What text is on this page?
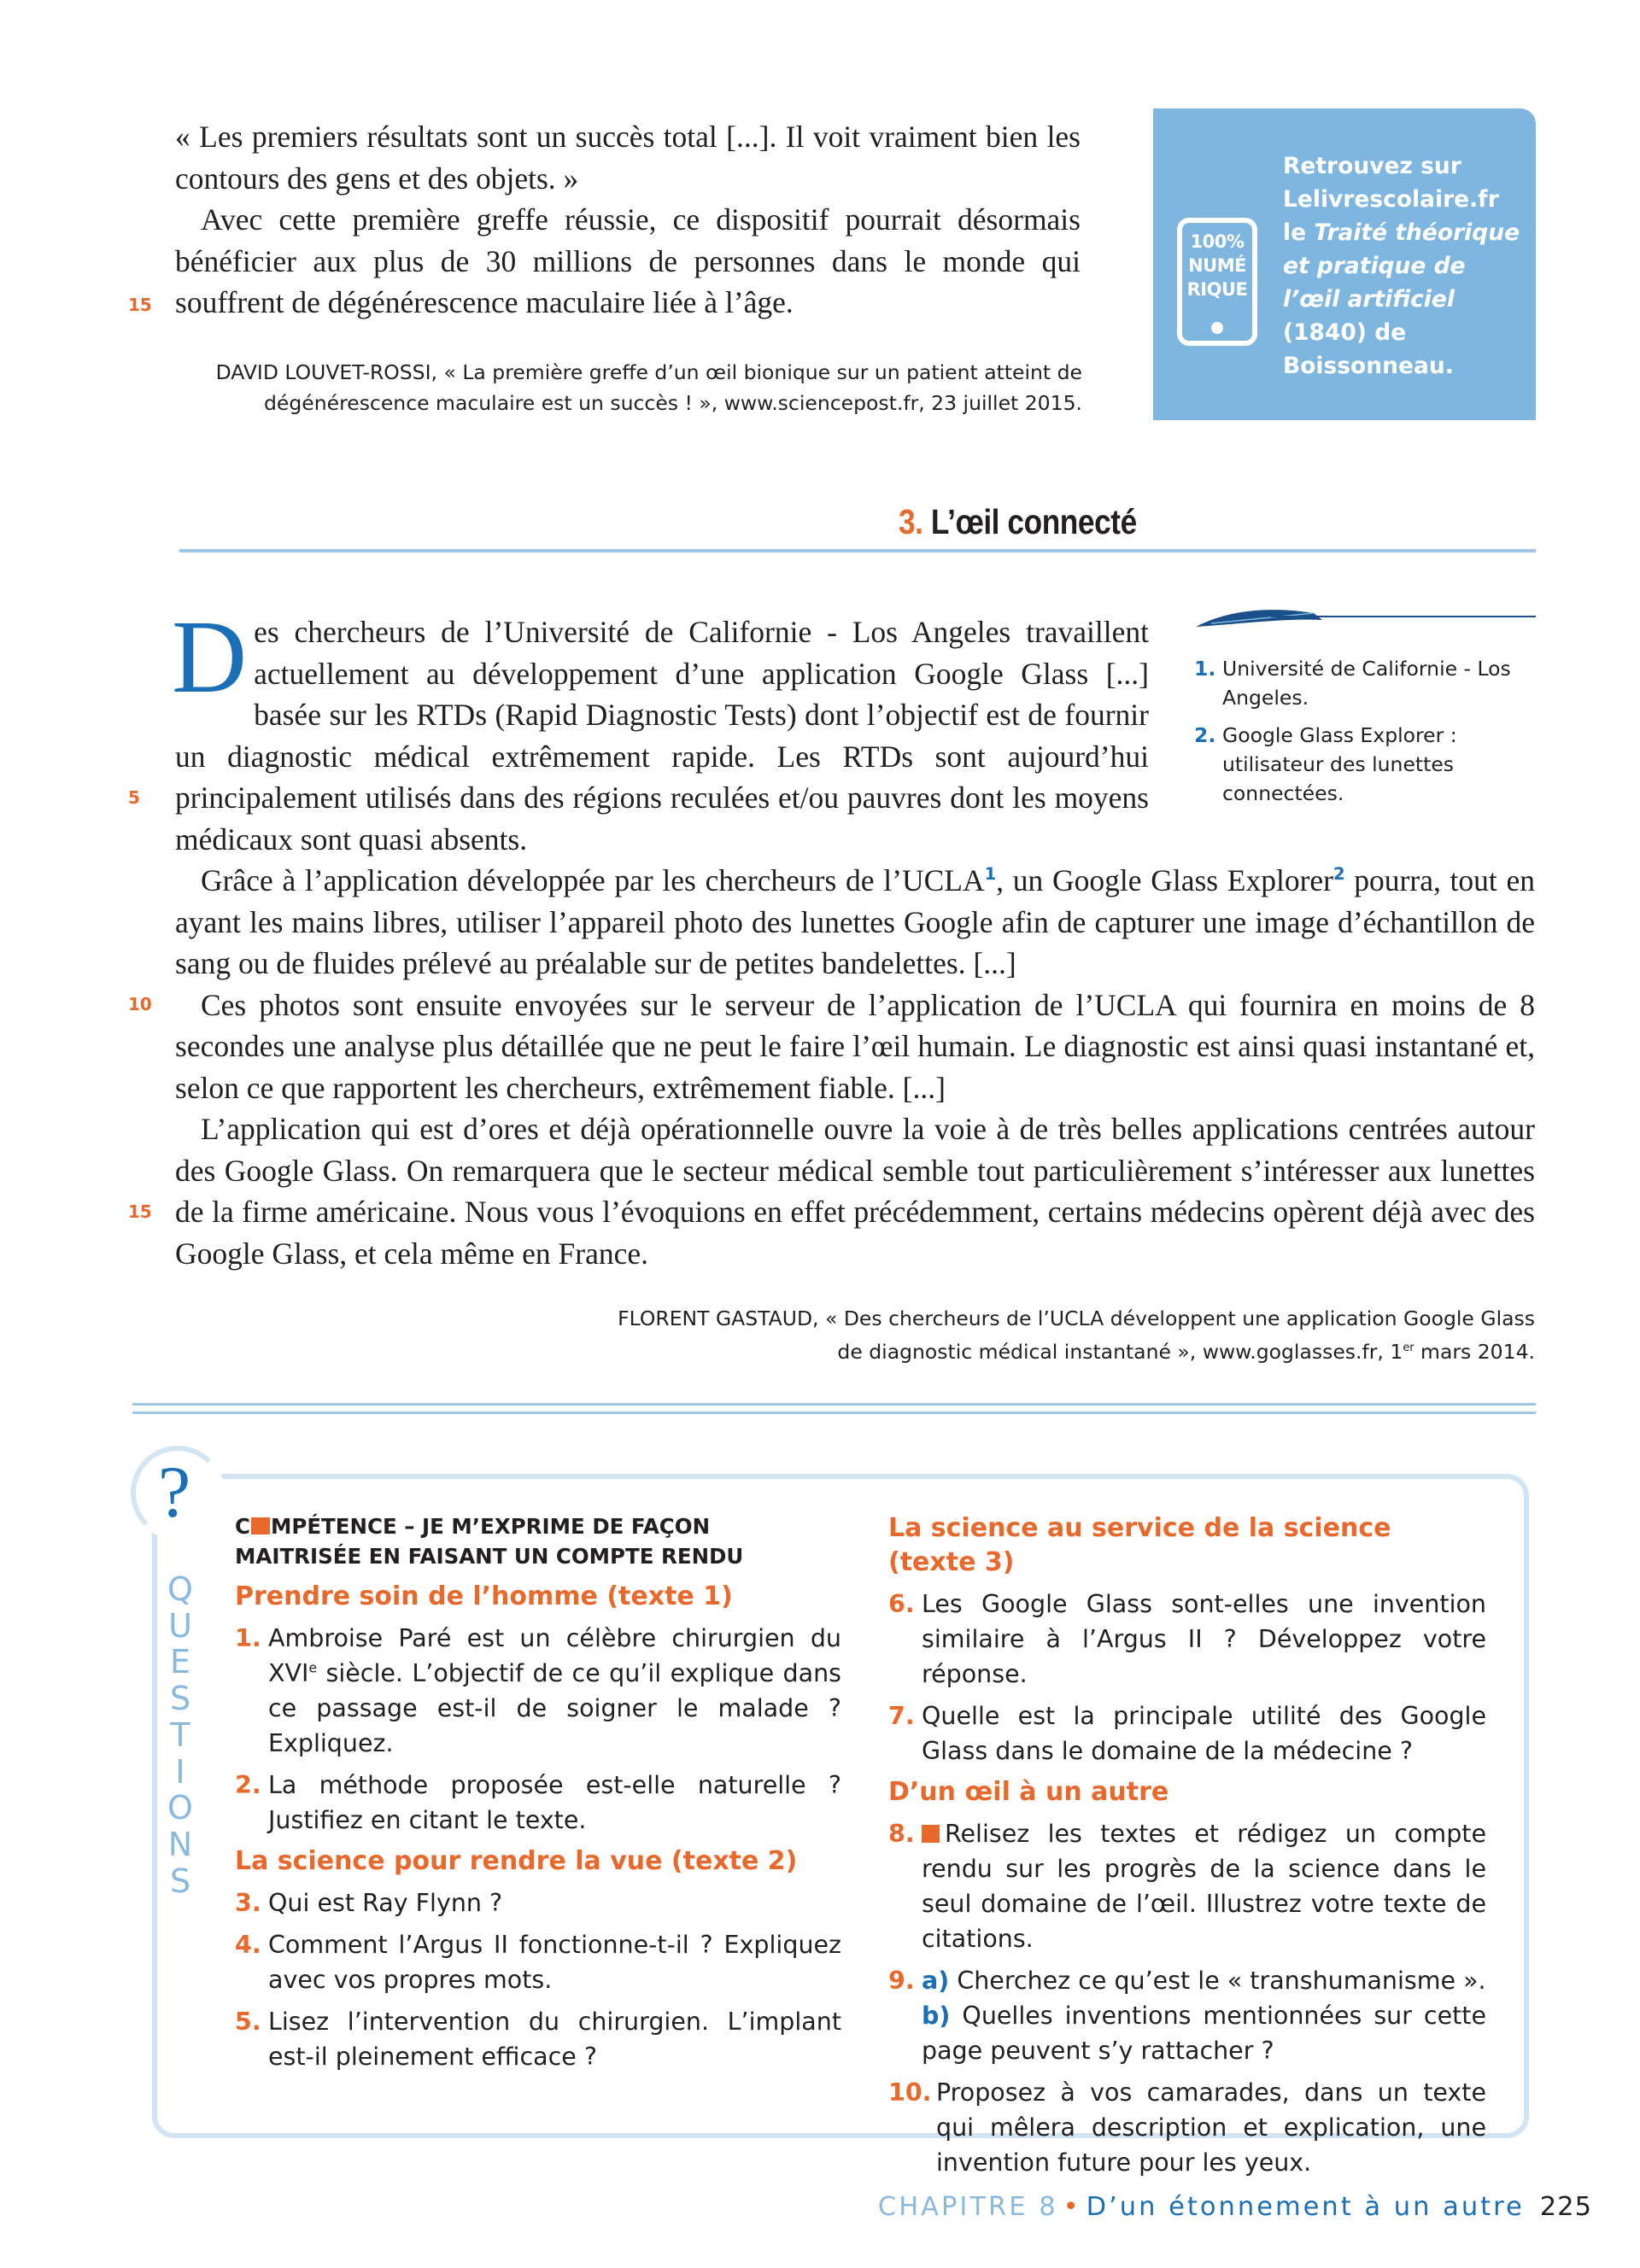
« Les premiers résultats sont un succès total [...]. Il voit vraiment bien les contours des gens et des objets. »

Avec cette première greffe réussie, ce dispositif pourrait désormais bénéficier aux plus de 30 millions de personnes dans le monde qui souffrent de dégénérescence maculaire liée à l’âge.

15
DAVID LOUVET-ROSSI, « La première greffe d’un œil bionique sur un patient atteint de
dégénérescence maculaire est un succès ! », www.sciencepost.fr, 23 juillet 2015.
100% NUMÉ RIQUE
Retrouvez sur
Lelivrescolaire.fr
le Traité théorique et pratique de l’œil artificiel (1840) de Boissonneau.
3. L’œil connecté
D es chercheurs de l’Université de Californie - Los Angeles travaillent actuellement au développement d’une application Google Glass [...] basée sur les RTDs (Rapid Diagnostic Tests) dont l’objectif est de fournir un diagnostic médical extrêmement rapide. Les RTDs sont aujourd’hui principalement utilisés dans des régions reculées et/ou pauvres dont les moyens médicaux sont quasi absents.

Grâce à l’application développée par les chercheurs de l’UCLA$^1$, un Google Glass Explorer$^2$ pourra, tout en ayant les mains libres, utiliser l’appareil photo des lunettes Google afin de capturer une image d’échantillon de sang ou de fluides prélevé au préalable sur de petites bandelettes. [...]

Ces photos sont ensuite envoyées sur le serveur de l’application de l’UCLA qui fournira en moins de 8 secondes une analyse plus détaillée que ne peut le faire l’œil humain. Le diagnostic est ainsi quasi instantané et, selon ce que rapportent les chercheurs, extrêmement fiable. [...]

L’application qui est d’ores et déjà opérationnelle ouvre la voie à de très belles applications centrées autour des Google Glass. On remarquera que le secteur médical semble tout particulièrement s’intéresser aux lunettes de la firme américaine. Nous vous l’évoquions en effet précédemment, certains médecins opèrent déjà avec des Google Glass, et cela même en France.

5
10
15
1. Université de Californie - Los Angeles.
2. Google Glass Explorer : utilisateur des lunettes connectées.
FLORENT GASTAUD, « Des chercheurs de l’UCLA développent une application Google Glass
de diagnostic médical instantané », www.goglasses.fr, 1er mars 2014.
?
Q
U
E
S
T
I
O
N
S
C MPÉTENCE – JE M’EXPRIME DE FAÇON MAITRISÉE EN FAISANT UN COMPTE RENDU
Prendre soin de l’homme (texte 1)
1. Ambroise Paré est un célèbre chirurgien du XVIe siècle. L’objectif de ce qu’il explique dans ce passage est-il de soigner le malade ? Expliquez.
2. La méthode proposée est-elle naturelle ? Justifiez en citant le texte.
La science pour rendre la vue (texte 2)
3. Qui est Ray Flynn ?
4. Comment l’Argus II fonctionne-t-il ? Expliquez avec vos propres mots.
5. Lisez l’intervention du chirurgien. L’implant est-il pleinement efficace ?
La science au service de la science (texte 3)
6. Les Google Glass sont-elles une invention similaire à l’Argus II ? Développez votre réponse.
7. Quelle est la principale utilité des Google Glass dans le domaine de la médecine ?
D’un œil à un autre
8. Relisez les textes et rédigez un compte rendu sur les progrès de la science dans le seul domaine de l’œil. Illustrez votre texte de citations.
9. a) Cherchez ce qu’est le « transhumanisme ».
b) Quelles inventions mentionnées sur cette page peuvent s’y rattacher ?
10. Proposez à vos camarades, dans un texte qui mêlera description et explication, une invention future pour les yeux.
CHAPITRE 8 • D’un étonnement à un autre 225
